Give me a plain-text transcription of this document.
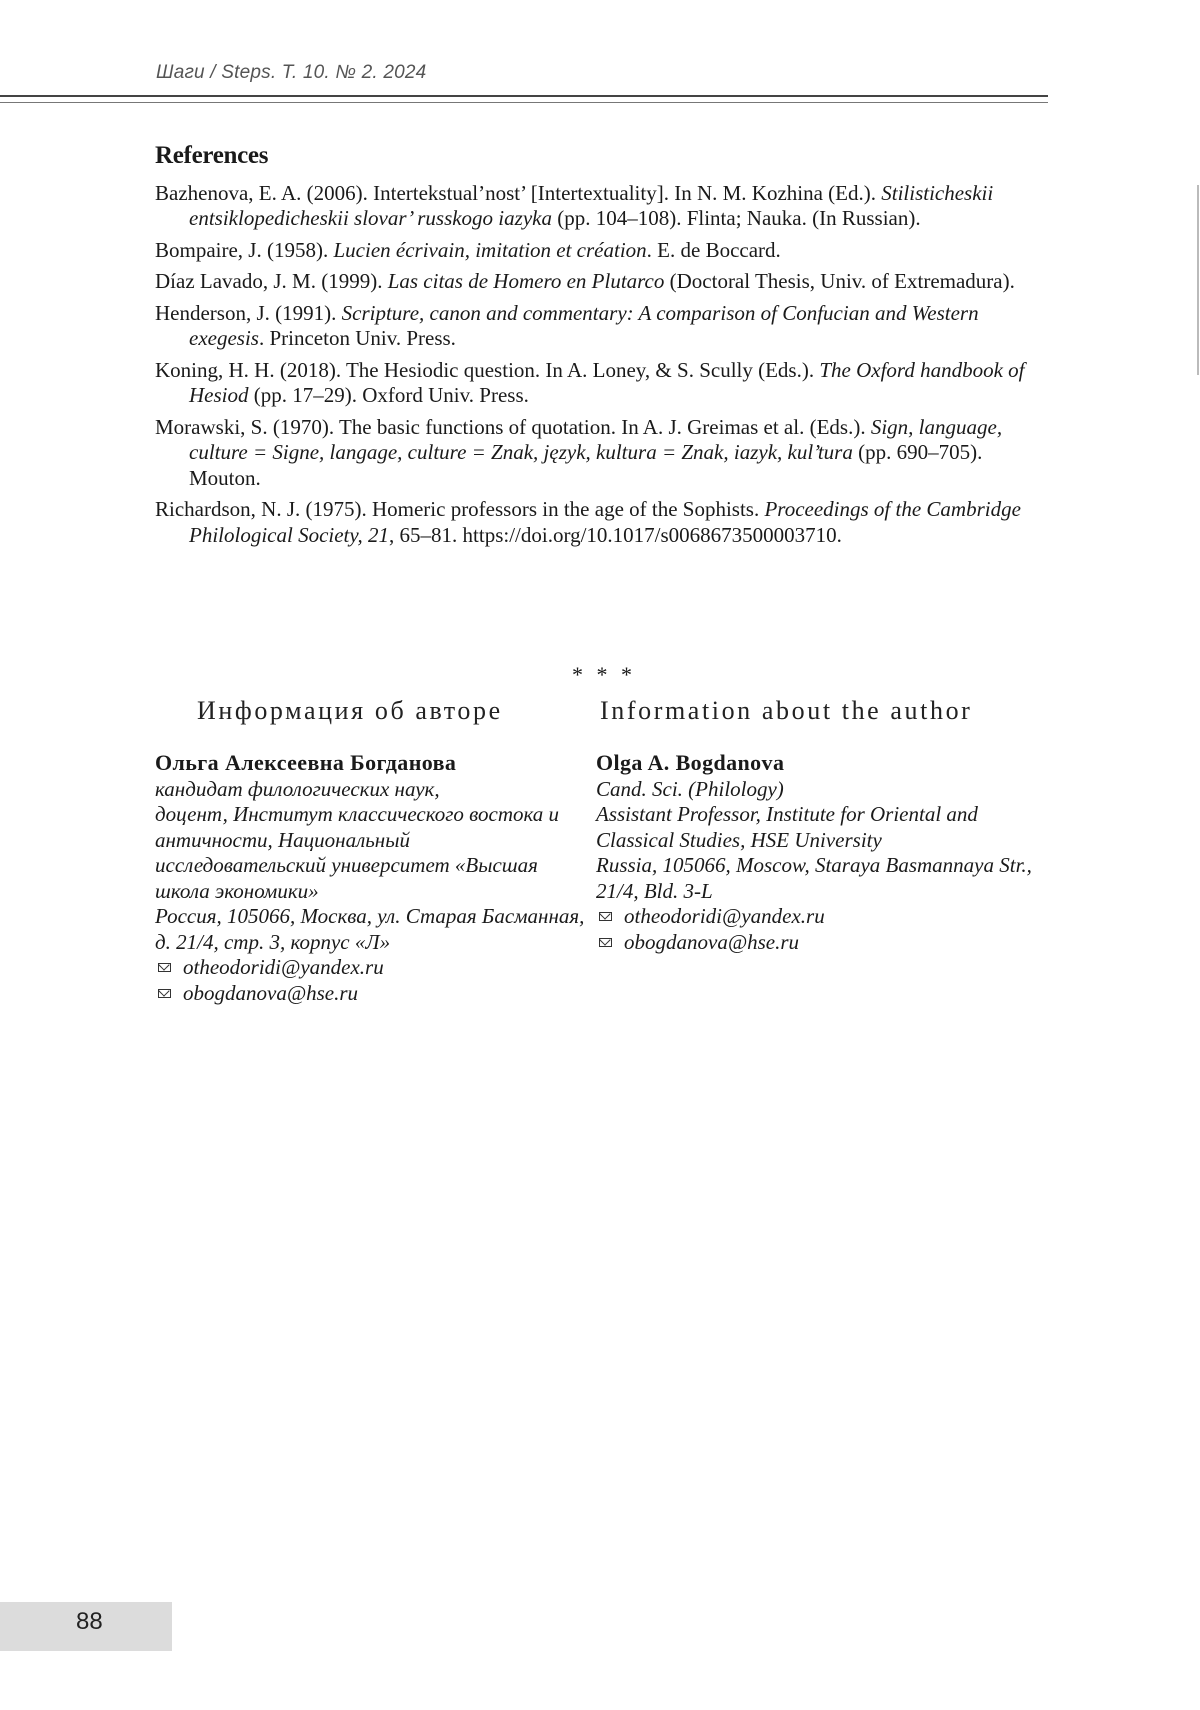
Шаги / Steps. Т. 10. № 2. 2024
References

Bazhenova, E. A. (2006). Intertekstual’nost’ [Intertextuality]. In N. M. Kozhina (Ed.). Stilisticheskii entsiklopedicheskii slovar’ russkogo iazyka (pp. 104–108). Flinta; Nauka. (In Russian).

Bompaire, J. (1958). Lucien écrivain, imitation et création. E. de Boccard.

Díaz Lavado, J. M. (1999). Las citas de Homero en Plutarco (Doctoral Thesis, Univ. of Extremadura).

Henderson, J. (1991). Scripture, canon and commentary: A comparison of Confucian and Western exegesis. Princeton Univ. Press.

Koning, H. H. (2018). The Hesiodic question. In A. Loney, & S. Scully (Eds.). The Oxford handbook of Hesiod (pp. 17–29). Oxford Univ. Press.

Morawski, S. (1970). The basic functions of quotation. In A. J. Greimas et al. (Eds.). Sign, language, culture = Signe, langage, culture = Znak, język, kultura = Znak, iazyk, kul’tura (pp. 690–705). Mouton.

Richardson, N. J. (1975). Homeric professors in the age of the Sophists. Proceedings of the Cambridge Philological Society, 21, 65–81. https://doi.org/10.1017/s0068673500003710.

* * *
Информация об авторе	Information about the author
Ольга Алексеевна Богданова
кандидат филологических наук,
доцент, Институт классического востока и античности, Национальный исследовательский университет «Высшая школа экономики»
Россия, 105066, Москва, ул. Старая Басманная, д. 21/4, стр. 3, корпус «Л»
otheodoridi@yandex.ru
obogdanova@hse.ru
Olga A. Bogdanova
Cand. Sci. (Philology)
Assistant Professor, Institute for Oriental and Classical Studies, HSE University
Russia, 105066, Moscow, Staraya Basmannaya Str., 21/4, Bld. 3-L
otheodoridi@yandex.ru
obogdanova@hse.ru
88
